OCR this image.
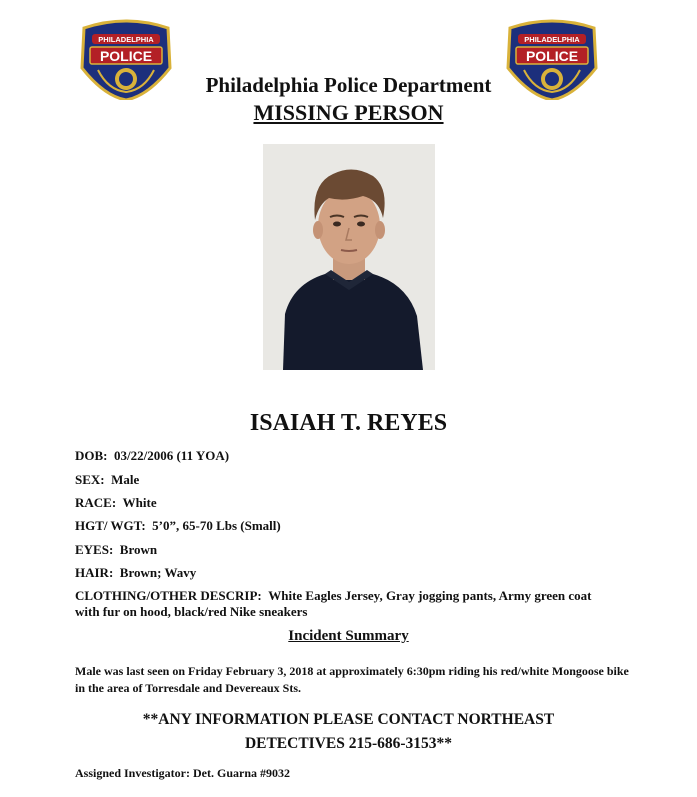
PHILADELPHIA
POLICE
PHILADELPHIA
POLICE
Philadelphia Police Department
MISSING PERSON
ISAIAH T. REYES
DOB: 03/22/2006 (11 YOA)
SEX: Male
RACE: White
HGT/ WGT: 5’0”, 65-70 Lbs (Small)
EYES: Brown
HAIR: Brown; Wavy
CLOTHING/OTHER DESCRIP: White Eagles Jersey, Gray jogging pants, Army green coat with fur on hood, black/red Nike sneakers
Incident Summary
Male was last seen on Friday February 3, 2018 at approximately 6:30pm riding his red/white Mongoose bike in the area of Torresdale and Devereaux Sts.
**ANY INFORMATION PLEASE CONTACT NORTHEAST
DETECTIVES 215-686-3153**
Assigned Investigator: Det. Guarna #9032
